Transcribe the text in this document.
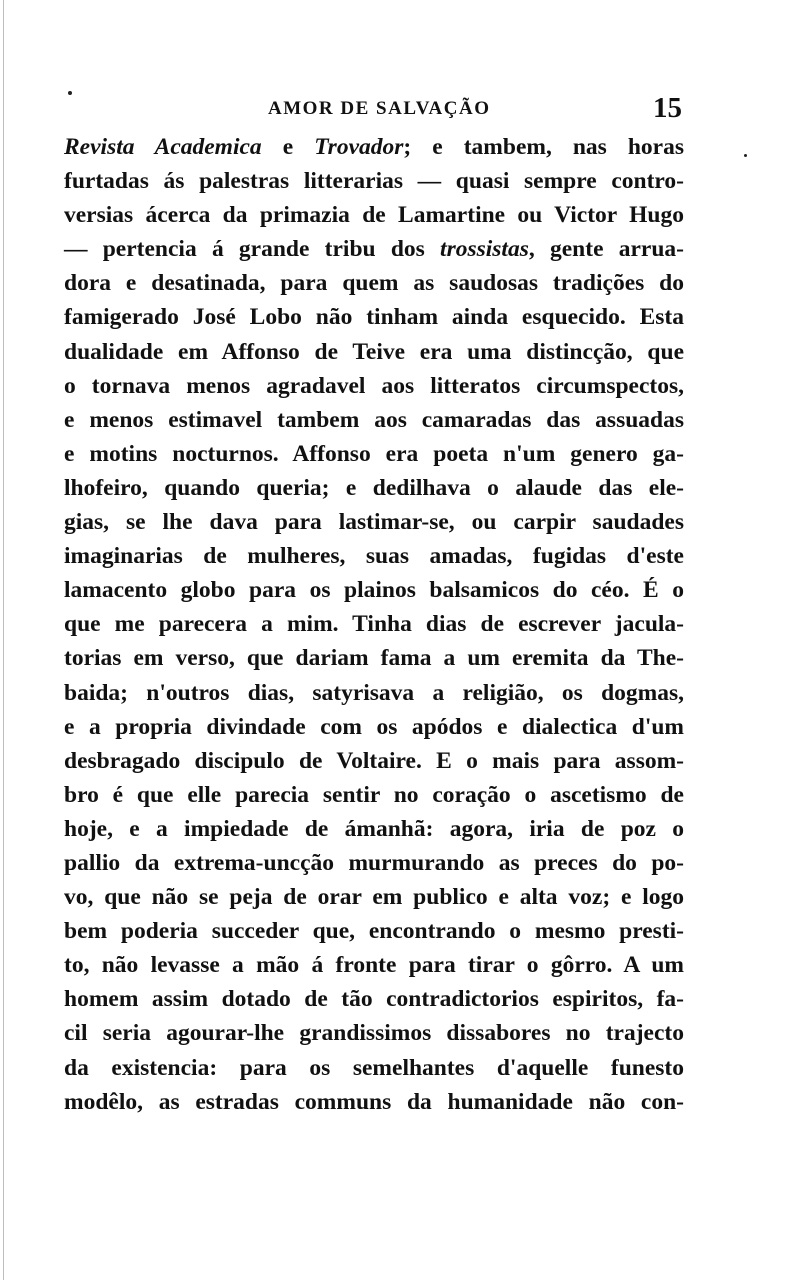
AMOR DE SALVAÇÃO	15
Revista Academica e Trovador; e tambem, nas horas
furtadas ás palestras litterarias — quasi sempre contro-
versias ácerca da primazia de Lamartine ou Victor Hugo
— pertencia á grande tribu dos trossistas, gente arrua-
dora e desatinada, para quem as saudosas tradições do
famigerado José Lobo não tinham ainda esquecido. Esta
dualidade em Affonso de Teive era uma distincção, que
o tornava menos agradavel aos litteratos circumspectos,
e menos estimavel tambem aos camaradas das assuadas
e motins nocturnos. Affonso era poeta n'um genero ga-
lhofeiro, quando queria; e dedilhava o alaude das ele-
gias, se lhe dava para lastimar-se, ou carpir saudades
imaginarias de mulheres, suas amadas, fugidas d'este
lamacento globo para os plainos balsamicos do céo. É o
que me parecera a mim. Tinha dias de escrever jacula-
torias em verso, que dariam fama a um eremita da The-
baida; n'outros dias, satyrisava a religião, os dogmas,
e a propria divindade com os apódos e dialectica d'um
desbragado discipulo de Voltaire. E o mais para assom-
bro é que elle parecia sentir no coração o ascetismo de
hoje, e a impiedade de ámanhã: agora, iria de poz o
pallio da extrema-uncção murmurando as preces do po-
vo, que não se peja de orar em publico e alta voz; e logo
bem poderia succeder que, encontrando o mesmo presti-
to, não levasse a mão á fronte para tirar o gôrro. A um
homem assim dotado de tão contradictorios espiritos, fa-
cil seria agourar-lhe grandissimos dissabores no trajecto
da existencia: para os semelhantes d'aquelle funesto
modêlo, as estradas communs da humanidade não con-
